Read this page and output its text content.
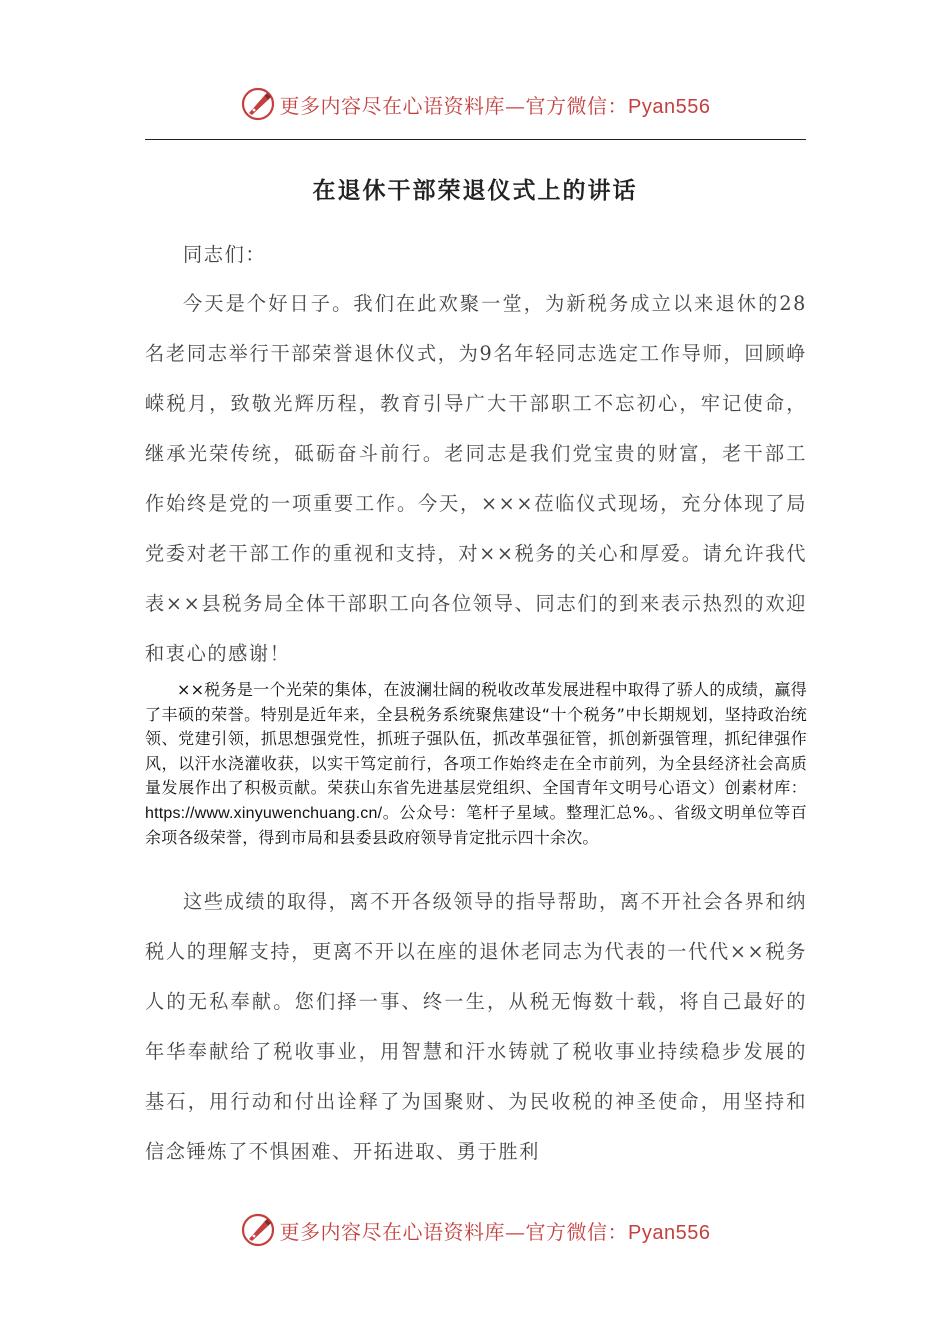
更多内容尽在心语资料库—官方微信：Pyan556
在退休干部荣退仪式上的讲话

同志们：

今天是个好日子。我们在此欢聚一堂，为新税务成立以来退休的28名老同志举行干部荣誉退休仪式，为9名年轻同志选定工作导师，回顾峥嵘税月，致敬光辉历程，教育引导广大干部职工不忘初心，牢记使命，继承光荣传统，砥砺奋斗前行。老同志是我们党宝贵的财富，老干部工作始终是党的一项重要工作。今天，×××莅临仪式现场，充分体现了局党委对老干部工作的重视和支持，对××税务的关心和厚爱。请允许我代表××县税务局全体干部职工向各位领导、同志们的到来表示热烈的欢迎和衷心的感谢！

××税务是一个光荣的集体，在波澜壮阔的税收改革发展进程中取得了骄人的成绩，赢得了丰硕的荣誉。特别是近年来，全县税务系统聚焦建设“十个税务”中长期规划，坚持政治统领、党建引领，抓思想强党性，抓班子强队伍，抓改革强征管，抓创新强管理，抓纪律强作风，以汗水浇灌收获，以实干笃定前行，各项工作始终走在全市前列，为全县经济社会高质量发展作出了积极贡献。荣获山东省先进基层党组织、全国青年文明号心语文）创素材库：https://www.xinyuwenchuang.cn/。公众号：笔杆子星域。整理汇总%。、省级文明单位等百余项各级荣誉，得到市局和县委县政府领导肯定批示四十余次。

这些成绩的取得，离不开各级领导的指导帮助，离不开社会各界和纳税人的理解支持，更离不开以在座的退休老同志为代表的一代代××税务人的无私奉献。您们择一事、终一生，从税无悔数十载，将自己最好的年华奉献给了税收事业，用智慧和汗水铸就了税收事业持续稳步发展的基石，用行动和付出诠释了为国聚财、为民收税的神圣使命，用坚持和信念锤炼了不惧困难、开拓进取、勇于胜利

更多内容尽在心语资料库—官方微信：Pyan556
